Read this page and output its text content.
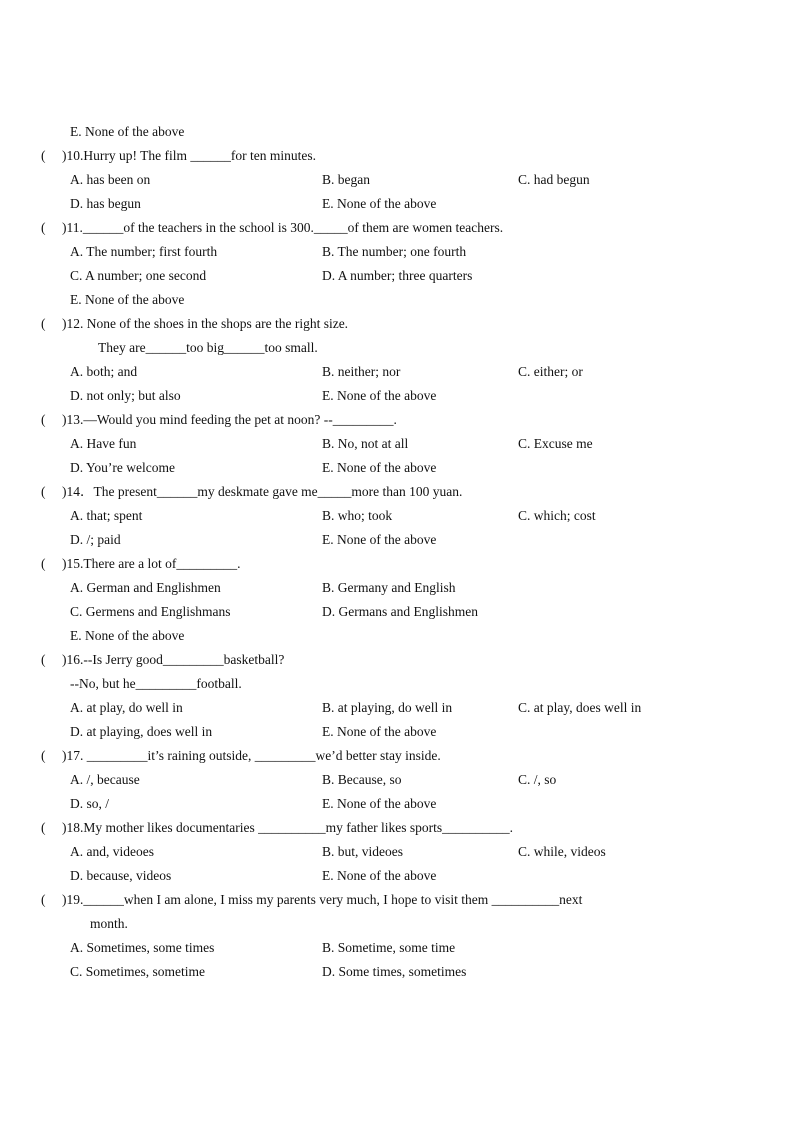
E. None of the above
( )10.Hurry up! The film ______for ten minutes.
A. has been on	B. began	C. had begun
D. has begun	E. None of the above
( )11.______of the teachers in the school is 300._____of them are women teachers.
A. The number; first fourth	B. The number; one fourth
C. A number; one second	D. A number; three quarters
E. None of the above
( )12. None of the shoes in the shops are the right size.
They are______too big______too small.
A. both; and	B. neither; nor	C. either; or
D. not only; but also	E. None of the above
( )13.—Would you mind feeding the pet at noon? --_________.
A. Have fun	B. No, not at all	C. Excuse me
D. You’re welcome	E. None of the above
( )14．The present______my deskmate gave me_____more than 100 yuan.
A. that; spent	B. who; took	C. which; cost
D. /; paid	E. None of the above
( )15.There are a lot of_________.
A. German and Englishmen	B. Germany and English
C. Germens and Englishmans	D. Germans and Englishmen
E. None of the above
( )16.--Is Jerry good_________basketball?
--No, but he_________football.
A. at play, do well in	B. at playing, do well in	C. at play, does well in
D. at playing, does well in	E. None of the above
( )17. _________it’s raining outside, _________we’d better stay inside.
A. /, because	B. Because, so	C. /, so
D. so, /	E. None of the above
( )18.My mother likes documentaries __________my father likes sports__________.
A. and, videoes	B. but, videoes	C. while, videos
D. because, videos	E. None of the above
( )19.______when I am alone, I miss my parents very much, I hope to visit them __________next
month.
A. Sometimes, some times	B. Sometime, some time
C. Sometimes, sometime	D. Some times, sometimes
